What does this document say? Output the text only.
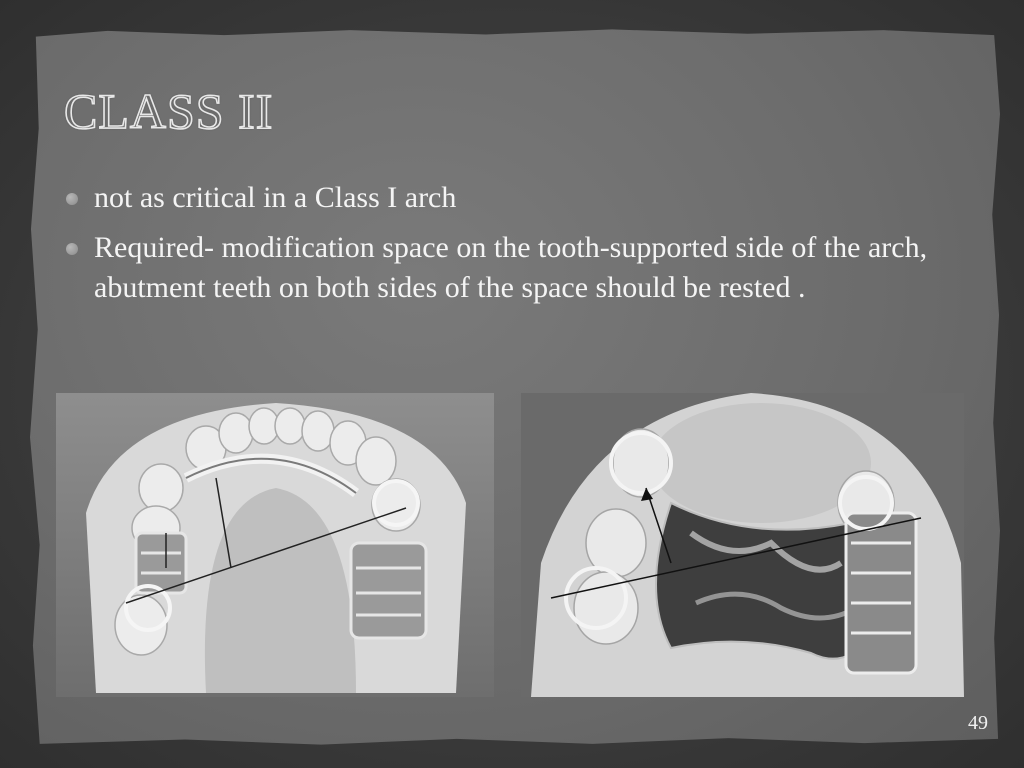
CLASS II
not as critical in a Class I arch
Required- modification space on the tooth-supported side of the arch, abutment teeth on both sides of the space should be rested .
49
